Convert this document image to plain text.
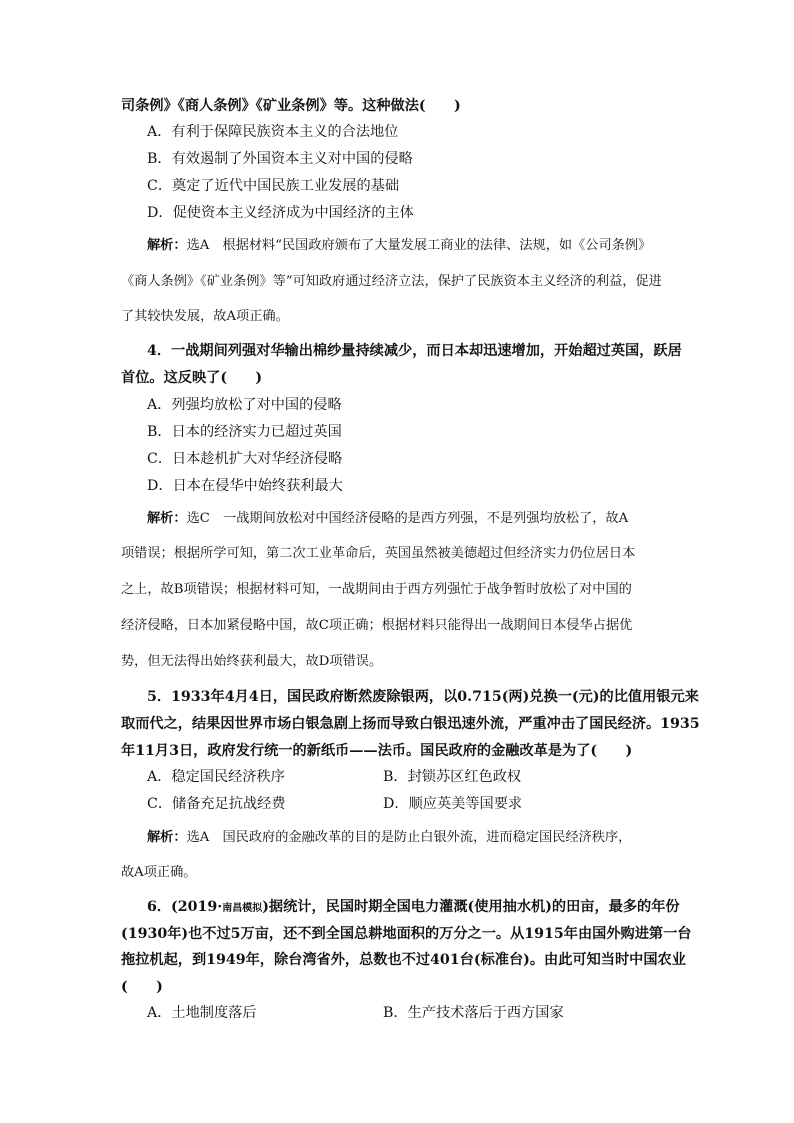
司条例》《商人条例》《矿业条例》等。这种做法(　　)
A．有利于保障民族资本主义的合法地位
B．有效遏制了外国资本主义对中国的侵略
C．奠定了近代中国民族工业发展的基础
D．促使资本主义经济成为中国经济的主体
解析：选A　根据材料“民国政府颁布了大量发展工商业的法律、法规，如《公司条例》
《商人条例》《矿业条例》等”可知政府通过经济立法，保护了民族资本主义经济的利益，促进
了其较快发展，故A项正确。
4．一战期间列强对华输出棉纱量持续减少，而日本却迅速增加，开始超过英国，跃居
首位。这反映了(　　)
A．列强均放松了对中国的侵略
B．日本的经济实力已超过英国
C．日本趁机扩大对华经济侵略
D．日本在侵华中始终获利最大
解析：选C　一战期间放松对中国经济侵略的是西方列强，不是列强均放松了，故A
项错误；根据所学可知，第二次工业革命后，英国虽然被美德超过但经济实力仍位居日本
之上，故B项错误；根据材料可知，一战期间由于西方列强忙于战争暂时放松了对中国的
经济侵略，日本加紧侵略中国，故C项正确；根据材料只能得出一战期间日本侵华占据优
势，但无法得出始终获利最大，故D项错误。
5．1933年4月4日，国民政府断然废除银两，以0.715(两)兑换一(元)的比值用银元来
取而代之，结果因世界市场白银急剧上扬而导致白银迅速外流，严重冲击了国民经济。1935
年11月3日，政府发行统一的新纸币——法币。国民政府的金融改革是为了(　　)
A．稳定国民经济秩序	B．封锁苏区红色政权
C．储备充足抗战经费	D．顺应英美等国要求
解析：选A　国民政府的金融改革的目的是防止白银外流，进而稳定国民经济秩序，
故A项正确。
6．(2019·南昌模拟)据统计，民国时期全国电力灌溉(使用抽水机)的田亩，最多的年份
(1930年)也不过5万亩，还不到全国总耕地面积的万分之一。从1915年由国外购进第一台
拖拉机起，到1949年，除台湾省外，总数也不过401台(标准台)。由此可知当时中国农业
(　　)
A．土地制度落后	B．生产技术落后于西方国家
